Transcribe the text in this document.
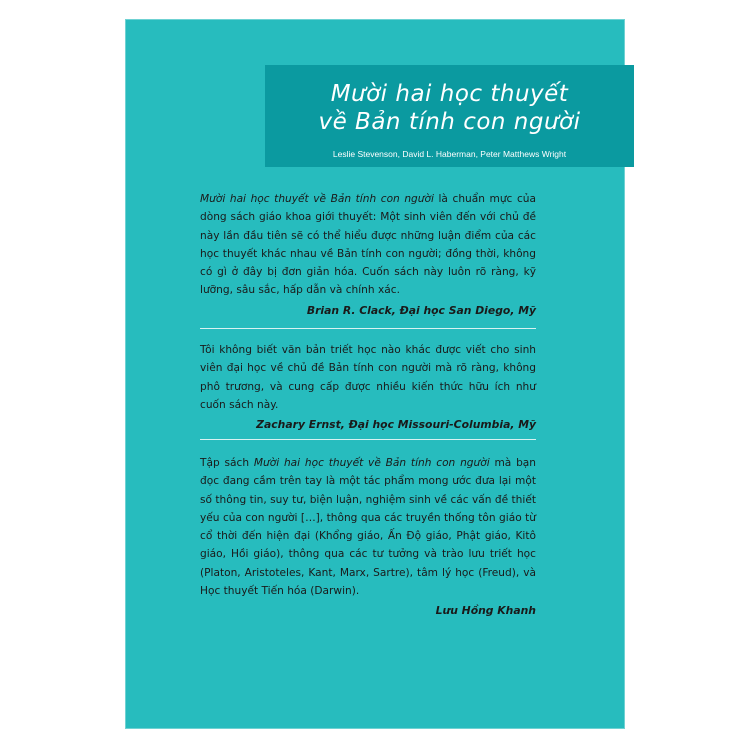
Mười hai học thuyết
về Bản tính con người
Leslie Stevenson, David L. Haberman, Peter Matthews Wright

Mười hai học thuyết về Bản tính con người là chuẩn mực của dòng sách giáo khoa giới thuyết: Một sinh viên đến với chủ đề này lần đầu tiên sẽ có thể hiểu được những luận điểm của các học thuyết khác nhau về Bản tính con người; đồng thời, không có gì ở đây bị đơn giản hóa. Cuốn sách này luôn rõ ràng, kỹ lưỡng, sâu sắc, hấp dẫn và chính xác.

Brian R. Clack, Đại học San Diego, Mỹ

Tôi không biết văn bản triết học nào khác được viết cho sinh viên đại học về chủ đề Bản tính con người mà rõ ràng, không phô trương, và cung cấp được nhiều kiến thức hữu ích như cuốn sách này.

Zachary Ernst, Đại học Missouri-Columbia, Mỹ

Tập sách Mười hai học thuyết về Bản tính con người mà bạn đọc đang cầm trên tay là một tác phẩm mong ước đưa lại một số thông tin, suy tư, biện luận, nghiệm sinh về các vấn đề thiết yếu của con người […], thông qua các truyền thống tôn giáo từ cổ thời đến hiện đại (Khổng giáo, Ấn Độ giáo, Phật giáo, Kitô giáo, Hồi giáo), thông qua các tư tưởng và trào lưu triết học (Platon, Aristoteles, Kant, Marx, Sartre), tâm lý học (Freud), và Học thuyết Tiến hóa (Darwin).

Lưu Hồng Khanh
